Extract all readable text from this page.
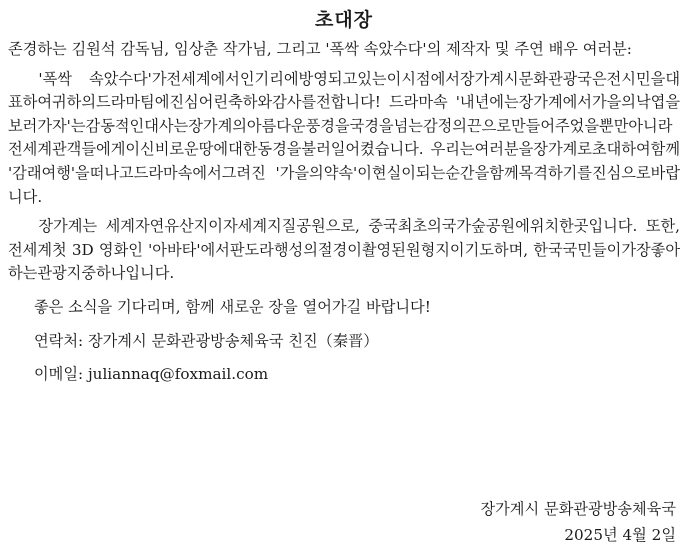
초대장

존경하는 김원석 감독님, 임상춘 작가님, 그리고 '폭싹 속았수다'의 제작자 및 주연 배우 여러분:

'폭싹 속았수다'가전세계에서인기리에방영되고있는이시점에서장가계시문화관광국은전시민을대표하여귀하의드라마팀에진심어린축하와감사를전합니다! 드라마속 '내년에는장가계에서가을의낙엽을보러가자'는감동적인대사는장가계의아름다운풍경을국경을넘는감정의끈으로만들어주었을뿐만아니라전세계관객들에게이신비로운땅에대한동경을불러일어켰습니다. 우리는여러분을장가계로초대하여함께 '감래여행'을떠나고드라마속에서그려진 '가을의약속'이현실이되는순간을함께목격하기를진심으로바랍니다.

장가계는 세계자연유산지이자세계지질공원으로, 중국최초의국가숲공원에위치한곳입니다. 또한, 전세계첫 3D 영화인 '아바타'에서판도라행성의절경이촬영된원형지이기도하며, 한국국민들이가장좋아하는관광지중하나입니다.

좋은 소식을 기다리며, 함께 새로운 장을 열어가길 바랍니다!
연락처: 장가계시 문화관광방송체육국 친진（秦晋）
이메일: juliannaq@foxmail.com
장가계시 문화관광방송체육국
2025년 4월 2일
